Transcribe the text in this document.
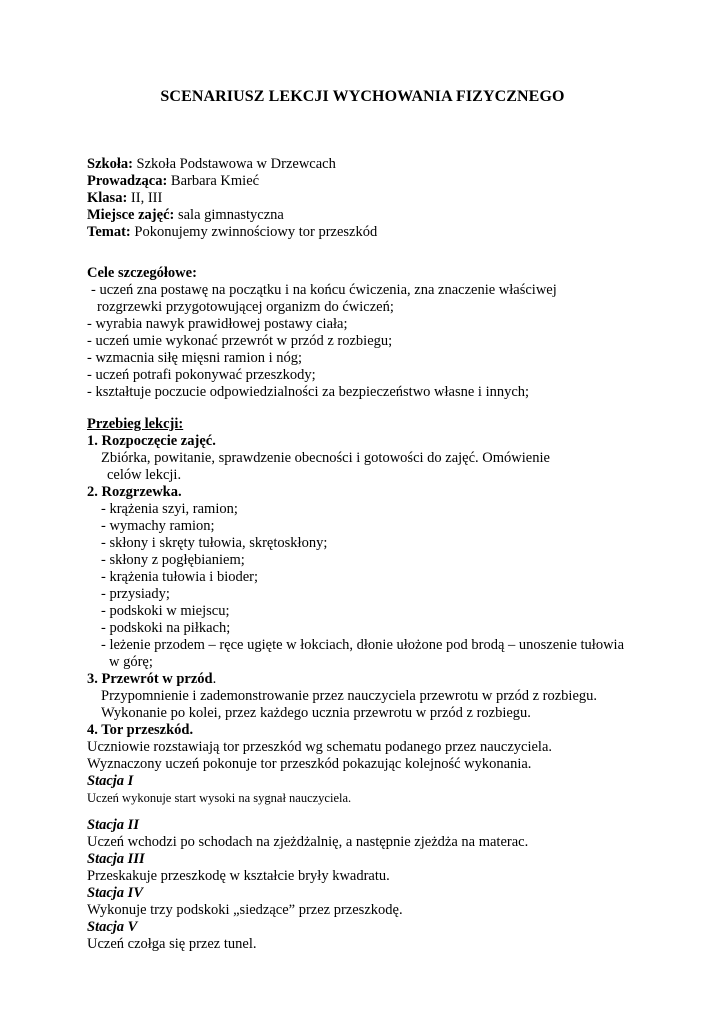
SCENARIUSZ LEKCJI WYCHOWANIA FIZYCZNEGO
Szkoła: Szkoła Podstawowa w Drzewcach
Prowadząca: Barbara Kmieć
Klasa: II, III
Miejsce zajęć: sala gimnastyczna
Temat: Pokonujemy zwinnościowy tor przeszkód
Cele szczegółowe:
- uczeń zna postawę na początku i na końcu ćwiczenia, zna znaczenie właściwej
rozgrzewki przygotowującej organizm do ćwiczeń;
- wyrabia nawyk prawidłowej postawy ciała;
- uczeń umie wykonać przewrót w przód z rozbiegu;
- wzmacnia siłę mięsni ramion i nóg;
- uczeń potrafi pokonywać przeszkody;
- kształtuje poczucie odpowiedzialności za bezpieczeństwo własne i innych;
Przebieg lekcji:
1. Rozpoczęcie zajęć.
Zbiórka, powitanie, sprawdzenie obecności i gotowości do zajęć. Omówienie
celów lekcji.
2. Rozgrzewka.
- krążenia szyi, ramion;
- wymachy ramion;
- skłony i skręty tułowia, skrętoskłony;
- skłony z pogłębianiem;
- krążenia tułowia i bioder;
- przysiady;
- podskoki w miejscu;
- podskoki na piłkach;
- leżenie przodem – ręce ugięte w łokciach, dłonie ułożone pod brodą – unoszenie tułowia
w górę;
3. Przewrót w przód.
Przypomnienie i zademonstrowanie przez nauczyciela przewrotu w przód z rozbiegu.
Wykonanie po kolei, przez każdego ucznia przewrotu w przód z rozbiegu.
4. Tor przeszkód.
Uczniowie rozstawiają tor przeszkód wg schematu podanego przez nauczyciela.
Wyznaczony uczeń pokonuje tor przeszkód pokazując kolejność wykonania.
Stacja I
Uczeń wykonuje start wysoki na sygnał nauczyciela.
Stacja II
Uczeń wchodzi po schodach na zjeżdżalnię, a następnie zjeżdża na materac.
Stacja III
Przeskakuje przeszkodę w kształcie bryły kwadratu.
Stacja IV
Wykonuje trzy podskoki „siedzące” przez przeszkodę.
Stacja V
Uczeń czołga się przez tunel.
